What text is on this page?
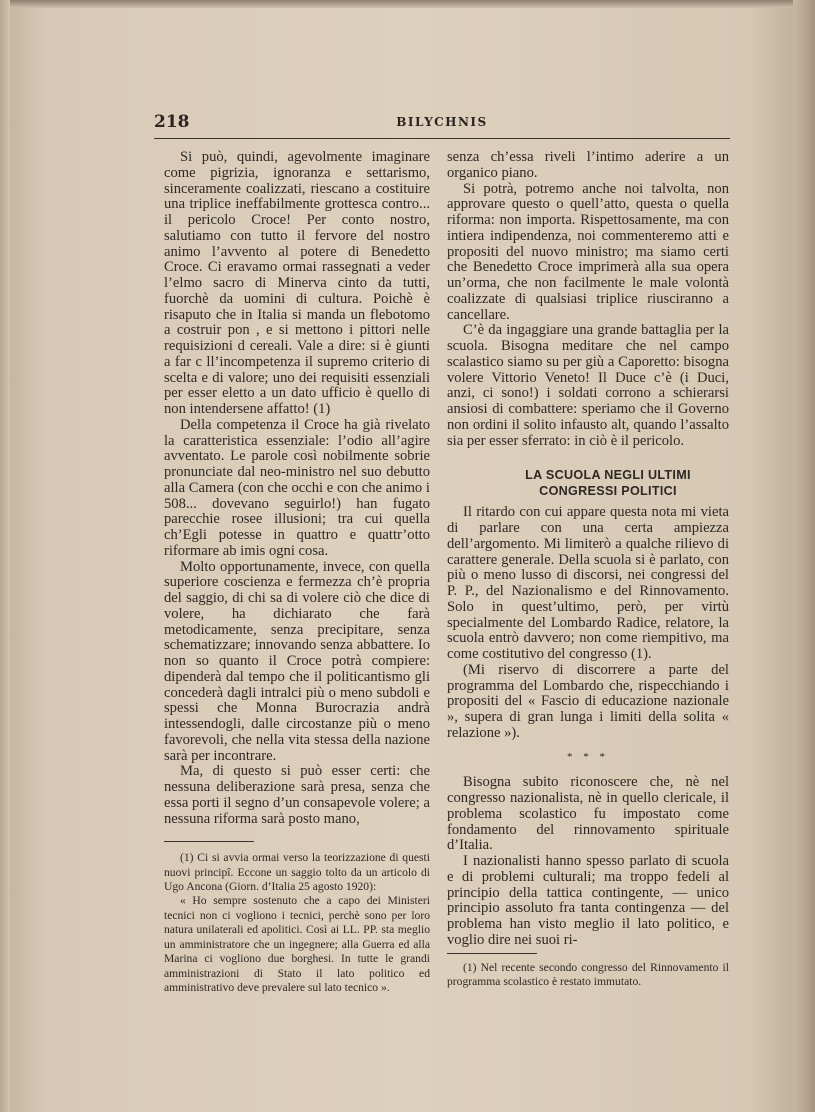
218	BILYCHNIS

Si può, quindi, agevolmente imaginare come pigrizia, ignoranza e settarismo, sinceramente coalizzati, riescano a costituire una triplice ineffabilmente grottesca contro... il pericolo Croce! Per conto nostro, salutiamo con tutto il fervore del nostro animo l’avvento al potere di Benedetto Croce. Ci eravamo ormai rassegnati a veder l’elmo sacro di Minerva cinto da tutti, fuorchè da uomini di cultura. Poichè è risaputo che in Italia si manda un flebotomo a costruir pon , e si mettono i pittori nelle requisizioni d cereali. Vale a dire: si è giunti a far c ll’incompetenza il supremo criterio di scelta e di valore; uno dei requisiti essenziali per esser eletto a un dato ufficio è quello di non intendersene affatto! (1)

Della competenza il Croce ha già rivelato la caratteristica essenziale: l’odio all’agire avventato. Le parole così nobilmente sobrie pronunciate dal neo-ministro nel suo debutto alla Camera (con che occhi e con che animo i 508... dovevano seguirlo!) han fugato parecchie rosee illusioni; tra cui quella ch’Egli potesse in quattro e quattr’otto riformare ab imis ogni cosa.

Molto opportunamente, invece, con quella superiore coscienza e fermezza ch’è propria del saggio, di chi sa di volere ciò che dice di volere, ha dichiarato che farà metodicamente, senza precipitare, senza schematizzare; innovando senza abbattere. Io non so quanto il Croce potrà compiere: dipenderà dal tempo che il politicantismo gli concederà dagli intralci più o meno subdoli e spessi che Monna Burocrazia andrà intessendogli, dalle circostanze più o meno favorevoli, che nella vita stessa della nazione sarà per incontrare.

Ma, di questo si può esser certi: che nessuna deliberazione sarà presa, senza che essa porti il segno d’un consapevole volere; a nessuna riforma sarà posto mano,

(1) Ci si avvia ormai verso la teorizzazione di questi nuovi principî. Eccone un saggio tolto da un articolo di Ugo Ancona (Giorn. d’Italia 25 agosto 1920):

« Ho sempre sostenuto che a capo dei Ministeri tecnici non ci vogliono i tecnici, perchè sono per loro natura unilaterali ed apolitici. Così ai LL. PP. sta meglio un amministratore che un ingegnere; alla Guerra ed alla Marina ci vogliono due borghesi. In tutte le grandi amministrazioni di Stato il lato politico ed amministrativo deve prevalere sul lato tecnico ».

senza ch’essa riveli l’intimo aderire a un organico piano.

Si potrà, potremo anche noi talvolta, non approvare questo o quell’atto, questa o quella riforma: non importa. Rispettosamente, ma con intiera indipendenza, noi commenteremo atti e propositi del nuovo ministro; ma siamo certi che Benedetto Croce imprimerà alla sua opera un’orma, che non facilmente le male volontà coalizzate di qualsiasi triplice riusciranno a cancellare.

C’è da ingaggiare una grande battaglia per la scuola. Bisogna meditare che nel campo scalastico siamo su per giù a Caporetto: bisogna volere Vittorio Veneto! Il Duce c’è (i Duci, anzi, ci sono!) i soldati corrono a schierarsi ansiosi di combattere: speriamo che il Governo non ordini il solito infausto alt, quando l’assalto sia per esser sferrato: in ciò è il pericolo.

LA SCUOLA NEGLI ULTIMI CONGRESSI POLITICI

Il ritardo con cui appare questa nota mi vieta di parlare con una certa ampiezza dell’argomento. Mi limiterò a qualche rilievo di carattere generale. Della scuola si è parlato, con più o meno lusso di discorsi, nei congressi del P. P., del Nazionalismo e del Rinnovamento. Solo in quest’ultimo, però, per virtù specialmente del Lombardo Radice, relatore, la scuola entrò davvero; non come riempitivo, ma come costitutivo del congresso (1).

(Mi riservo di discorrere a parte del programma del Lombardo che, rispecchiando i propositi del « Fascio di educazione nazionale », supera di gran lunga i limiti della solita « relazione »).

* * *

Bisogna subito riconoscere che, nè nel congresso nazionalista, nè in quello clericale, il problema scolastico fu impostato come fondamento del rinnovamento spirituale d’Italia.

I nazionalisti hanno spesso parlato di scuola e di problemi culturali; ma troppo fedeli al principio della tattica contingente, — unico principio assoluto fra tanta contingenza — del problema han visto meglio il lato politico, e voglio dire nei suoi ri-

(1) Nel recente secondo congresso del Rinnovamento il programma scolastico è restato immutato.
